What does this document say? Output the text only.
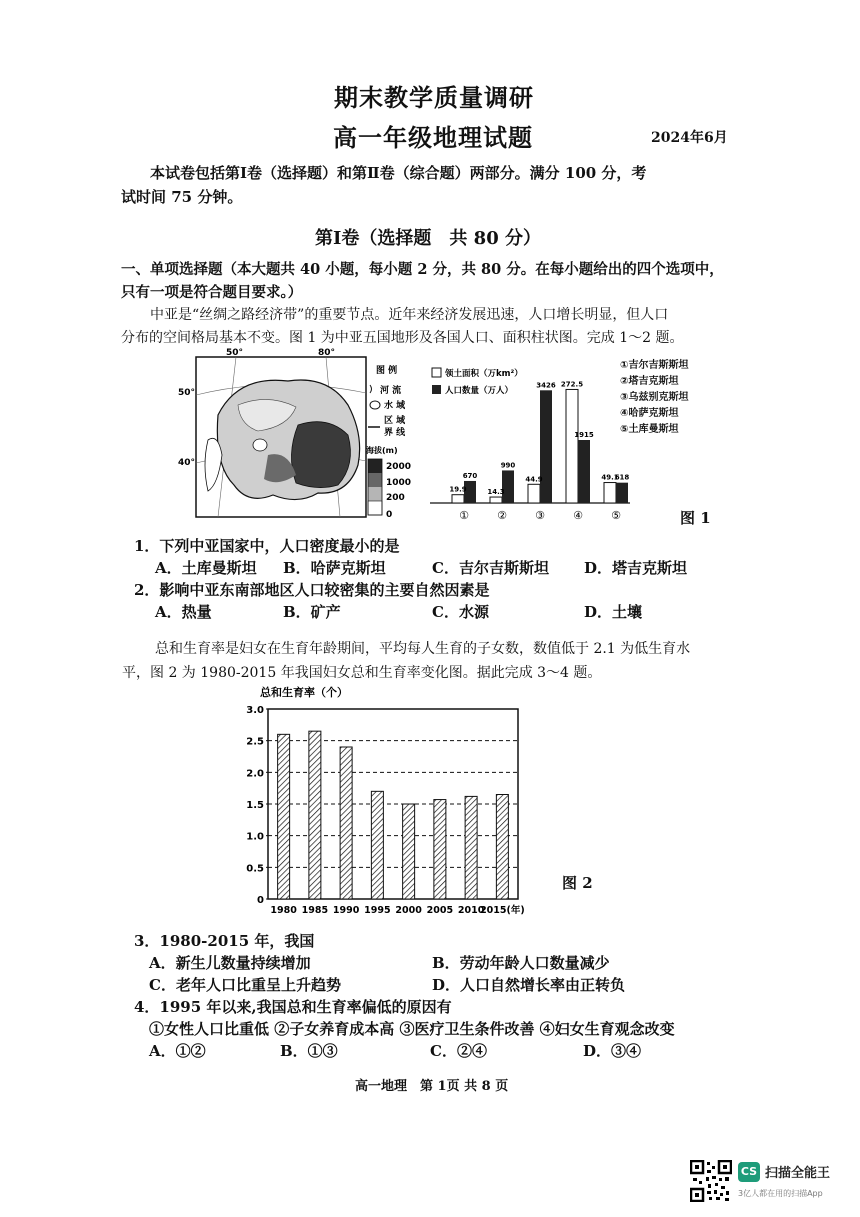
期末教学质量调研
高一年级地理试题	2024年6月
本试卷包括第Ⅰ卷（选择题）和第Ⅱ卷（综合题）两部分。满分 100 分，考
试时间 75 分钟。
第Ⅰ卷（选择题　共 80 分）
一、单项选择题（本大题共 40 小题，每小题 2 分，共 80 分。在每小题给出的四个选项中，
只有一项是符合题目要求。）
中亚是“丝绸之路经济带”的重要节点。近年来经济发展迅速，人口增长明显，但人口
分布的空间格局基本不变。图 1 为中亚五国地形及各国人口、面积柱状图。完成 1～2 题。
50°	80°
50°
40°
图 例
河 流
水 域
区 域
界 线
海拔(m)
2000
1000
200
0
领土面积（万km²）
人口数量（万人）
19.9
670
①
14.3
990
②
44.9
3426
③
272.5
1915
④
49.1
618
⑤
①吉尔吉斯斯坦
②塔吉克斯坦
③乌兹别克斯坦
④哈萨克斯坦
⑤土库曼斯坦
图 1
1．下列中亚国家中，人口密度最小的是
A．土库曼斯坦 B．哈萨克斯坦	C．吉尔吉斯斯坦 D．塔吉克斯坦
2．影响中亚东南部地区人口较密集的主要自然因素是
A．热量	B．矿产	C．水源	D．土壤
总和生育率是妇女在生育年龄期间，平均每人生育的子女数，数值低于 2.1 为低生育水
平，图 2 为 1980-2015 年我国妇女总和生育率变化图。据此完成 3～4 题。
总和生育率（个）
0
0.5
1.0
1.5
2.0
2.5
3.0
1980 1985 1990 1995 2000 2005 2010
2015(年)
图 2
3．1980-2015 年，我国
A．新生儿数量持续增加	B．劳动年龄人口数量减少
C．老年人口比重呈上升趋势	D．人口自然增长率由正转负
4．1995 年以来,我国总和生育率偏低的原因有
①女性人口比重低 ②子女养育成本高 ③医疗卫生条件改善 ④妇女生育观念改变
A．①②	B．①③	C．②④	D．③④
高一地理　第 1页 共 8 页
CS 扫描全能王
3亿人都在用的扫描App
